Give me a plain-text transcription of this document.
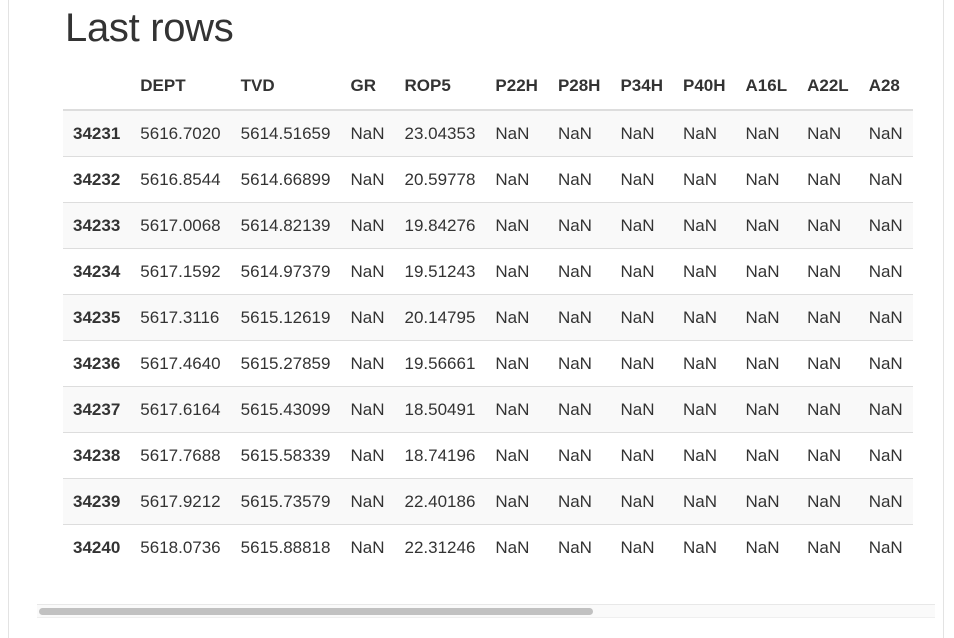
Last rows
	DEPT	TVD	GR	ROP5	P22H	P28H	P34H	P40H	A16L	A22L	A28
34231	5616.7020	5614.51659	NaN	23.04353	NaN	NaN	NaN	NaN	NaN	NaN	NaN
34232	5616.8544	5614.66899	NaN	20.59778	NaN	NaN	NaN	NaN	NaN	NaN	NaN
34233	5617.0068	5614.82139	NaN	19.84276	NaN	NaN	NaN	NaN	NaN	NaN	NaN
34234	5617.1592	5614.97379	NaN	19.51243	NaN	NaN	NaN	NaN	NaN	NaN	NaN
34235	5617.3116	5615.12619	NaN	20.14795	NaN	NaN	NaN	NaN	NaN	NaN	NaN
34236	5617.4640	5615.27859	NaN	19.56661	NaN	NaN	NaN	NaN	NaN	NaN	NaN
34237	5617.6164	5615.43099	NaN	18.50491	NaN	NaN	NaN	NaN	NaN	NaN	NaN
34238	5617.7688	5615.58339	NaN	18.74196	NaN	NaN	NaN	NaN	NaN	NaN	NaN
34239	5617.9212	5615.73579	NaN	22.40186	NaN	NaN	NaN	NaN	NaN	NaN	NaN
34240	5618.0736	5615.88818	NaN	22.31246	NaN	NaN	NaN	NaN	NaN	NaN	NaN
